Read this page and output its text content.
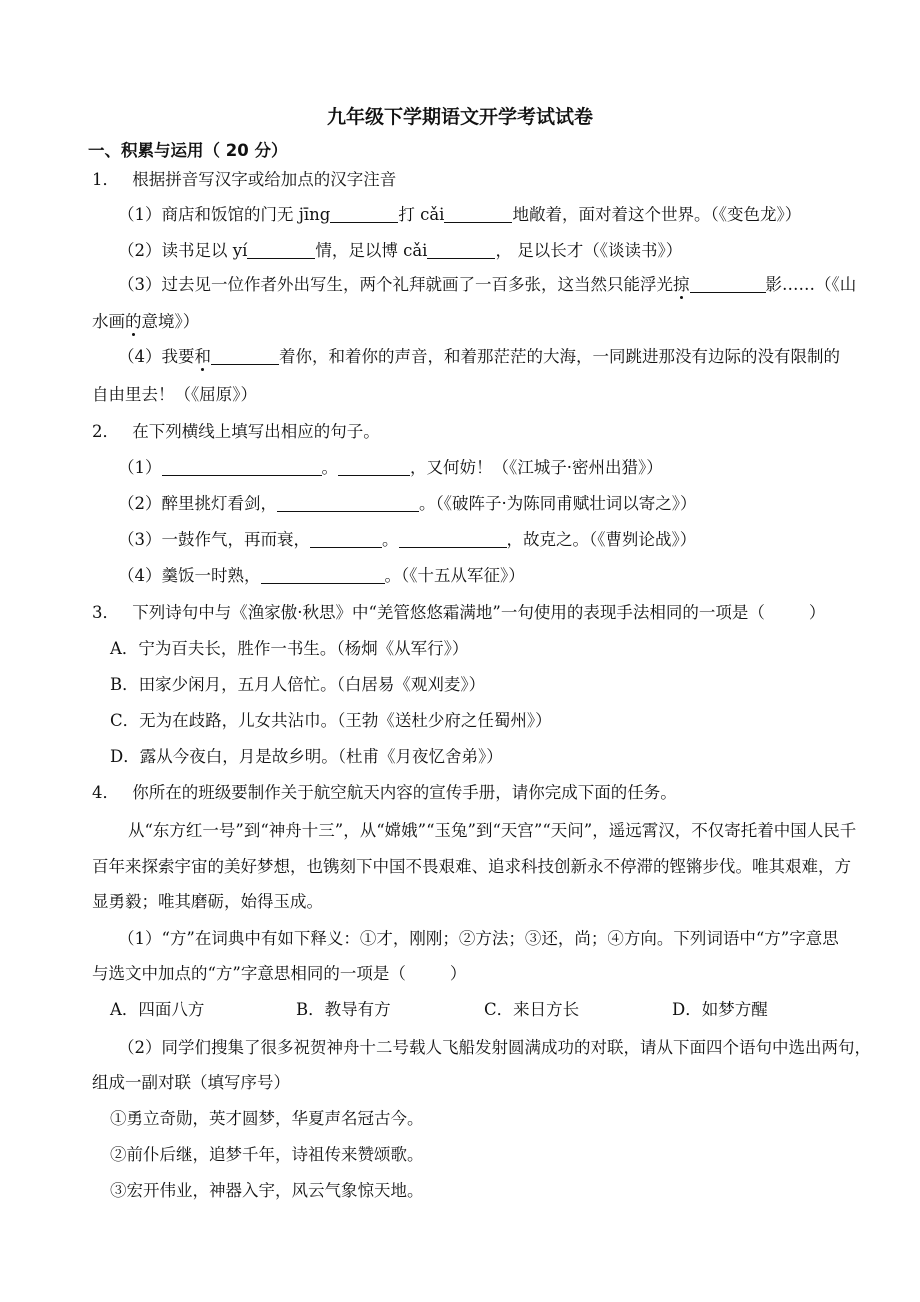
九年级下学期语文开学考试试卷
一、积累与运用（ 20 分）
1． 根据拼音写汉字或给加点的汉字注音
（1）商店和饭馆的门无 jīng	打 cǎi	地敞着，面对着这个世界。（《变色龙》）
（2）读书足以 yí	情，足以博 cǎi	， 足以长才（《谈读书》）
（3）过去见一位作者外出写生，两个礼拜就画了一百多张，这当然只能浮光掠	影……（《山
水画的意境》）
（4）我要和	着你，和着你的声音，和着那茫茫的大海，一同跳进那没有边际的没有限制的
自由里去！（《屈原》）
2． 在下列横线上填写出相应的句子。
（1）	。	，又何妨！（《江城子·密州出猎》）
（2）醉里挑灯看剑，	。（《破阵子·为陈同甫赋壮词以寄之》）
（3）一鼓作气，再而衰，	。	，故克之。（《曹刿论战》）
（4）羹饭一时熟，	。（《十五从军征》）
3． 下列诗句中与《渔家傲·秋思》中“羌管悠悠霜满地”一句使用的表现手法相同的一项是（	）
A．宁为百夫长，胜作一书生。（杨炯《从军行》）
B．田家少闲月，五月人倍忙。（白居易《观刈麦》）
C．无为在歧路，儿女共沾巾。（王勃《送杜少府之任蜀州》）
D．露从今夜白，月是故乡明。（杜甫《月夜忆舍弟》）
4． 你所在的班级要制作关于航空航天内容的宣传手册，请你完成下面的任务。
从“东方红一号”到“神舟十三”，从“嫦娥”“玉兔”到“天宫”“天问”，遥远霄汉，不仅寄托着中国人民千
百年来探索宇宙的美好梦想，也镌刻下中国不畏艰难、追求科技创新永不停滞的铿锵步伐。唯其艰难，方
显勇毅；唯其磨砺，始得玉成。
（1）“方”在词典中有如下释义：①才，刚刚；②方法；③还，尚；④方向。下列词语中“方”字意思
与选文中加点的“方”字意思相同的一项是（	）
A．四面八方	B．教导有方	C．来日方长	D．如梦方醒
（2）同学们搜集了很多祝贺神舟十二号载人飞船发射圆满成功的对联，请从下面四个语句中选出两句，
组成一副对联（填写序号）
①勇立奇勋，英才圆梦，华夏声名冠古今。
②前仆后继，追梦千年，诗祖传来赞颂歌。
③宏开伟业，神器入宇，风云气象惊天地。
